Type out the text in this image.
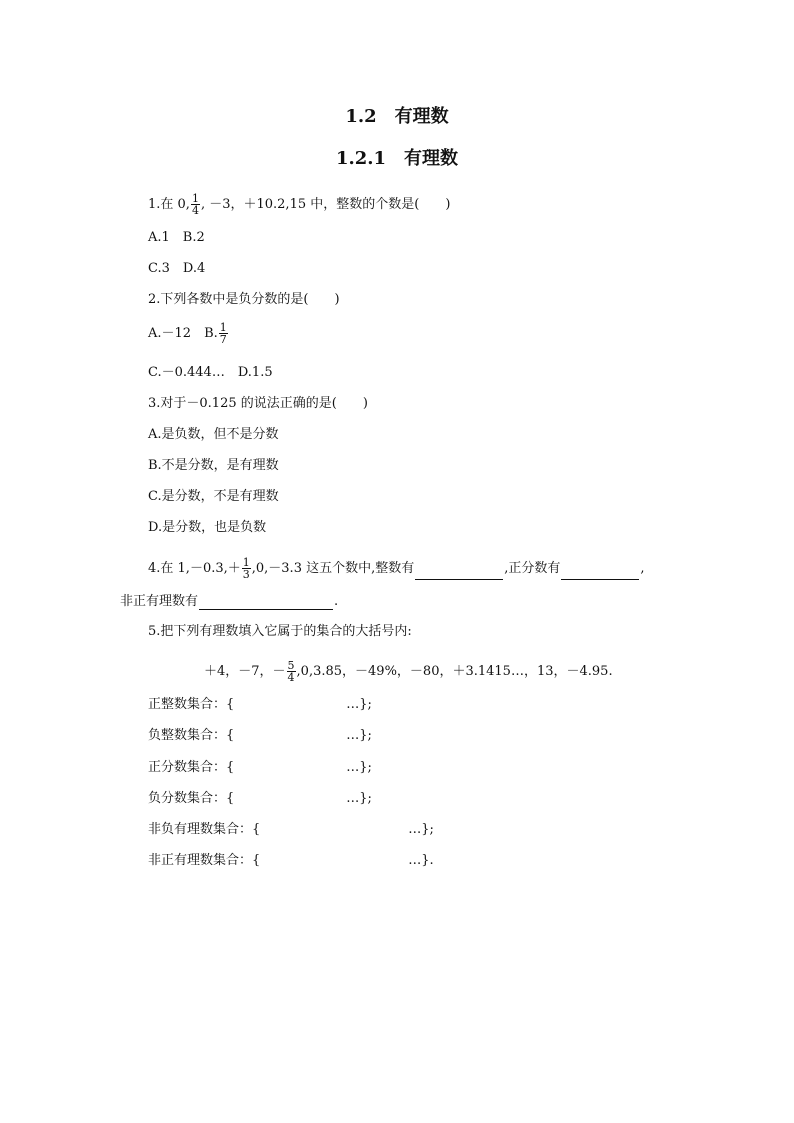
1.2　有理数
1.2.1　有理数
1.在 0, $\frac{1}{4}$ , －3，＋10.2,15 中，整数的个数是(　　)
A.1　B.2
C.3　D.4
2.下列各数中是负分数的是(　　)
A.－12　B. $\frac{1}{7}$
C.－0.444…　D.1.5
3.对于－0.125 的说法正确的是(　　)
A.是负数，但不是分数
B.不是分数，是有理数
C.是分数，不是有理数
D.是分数，也是负数
4.在 $1,-0.3,+ \frac{1}{3} ,0,-3.3$ 这五个数中,整数有	,正分数有	,
非正有理数有	.
5.把下列有理数填入它属于的集合的大括号内:
＋4，－7，－ $\frac{5}{4} ,0,3.85$，－49%，－80，＋3.1415…，13，－4.95.
正整数集合：{	…};
负整数集合：{	…};
正分数集合：{	…};
负分数集合：{	…};
非负有理数集合：{	…};
非正有理数集合：{	…}.
